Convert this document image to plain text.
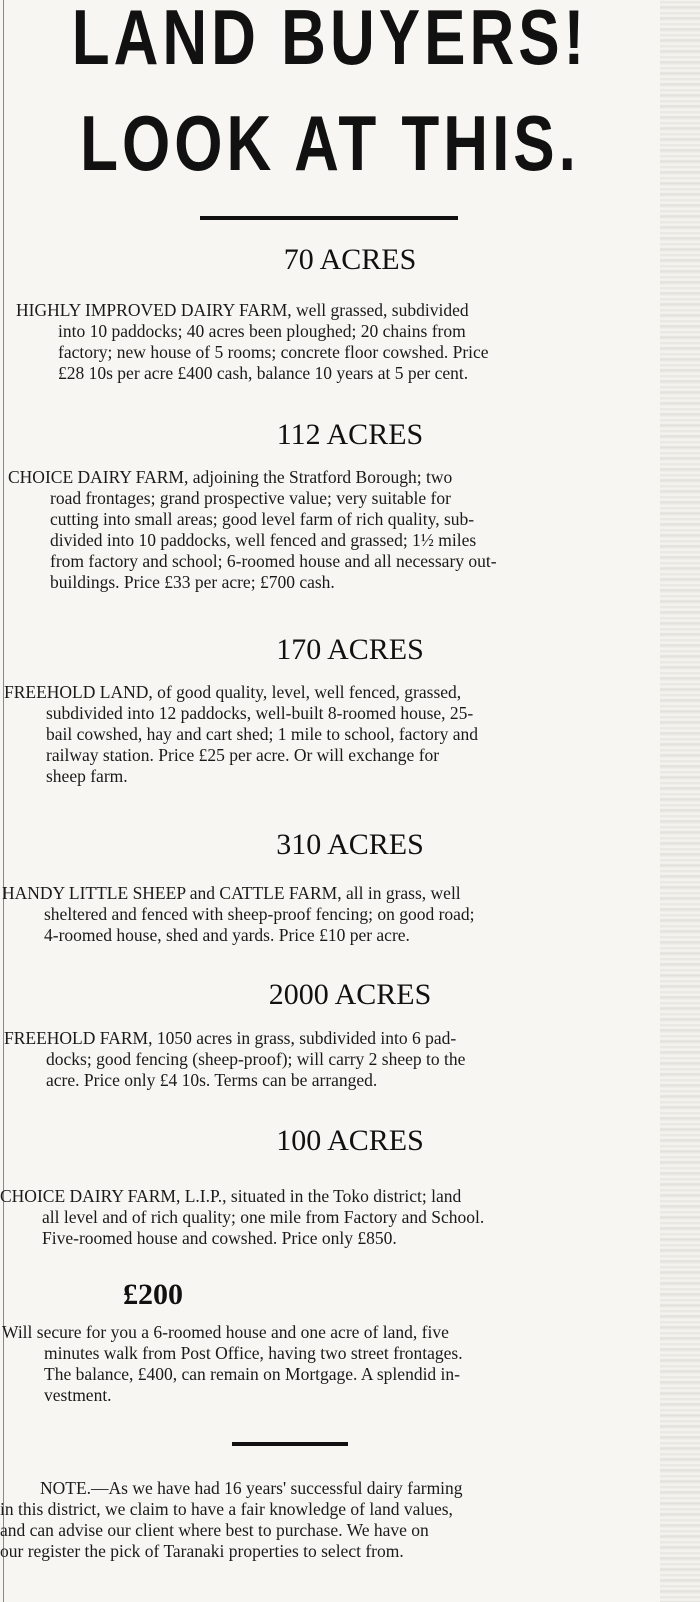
LAND BUYERS!
LOOK AT THIS.
70 ACRES
HIGHLY IMPROVED DAIRY FARM, well grassed, subdivided
into 10 paddocks; 40 acres been ploughed; 20 chains from
factory; new house of 5 rooms; concrete floor cowshed. Price
£28 10s per acre £400 cash, balance 10 years at 5 per cent.
112 ACRES
CHOICE DAIRY FARM, adjoining the Stratford Borough; two
road frontages; grand prospective value; very suitable for
cutting into small areas; good level farm of rich quality, sub-
divided into 10 paddocks, well fenced and grassed; 1½ miles
from factory and school; 6-roomed house and all necessary out-
buildings. Price £33 per acre; £700 cash.
170 ACRES
FREEHOLD LAND, of good quality, level, well fenced, grassed,
subdivided into 12 paddocks, well-built 8-roomed house, 25-
bail cowshed, hay and cart shed; 1 mile to school, factory and
railway station. Price £25 per acre. Or will exchange for
sheep farm.
310 ACRES
HANDY LITTLE SHEEP and CATTLE FARM, all in grass, well
sheltered and fenced with sheep-proof fencing; on good road;
4-roomed house, shed and yards. Price £10 per acre.
2000 ACRES
FREEHOLD FARM, 1050 acres in grass, subdivided into 6 pad-
docks; good fencing (sheep-proof); will carry 2 sheep to the
acre. Price only £4 10s. Terms can be arranged.
100 ACRES
CHOICE DAIRY FARM, L.I.P., situated in the Toko district; land
all level and of rich quality; one mile from Factory and School.
Five-roomed house and cowshed. Price only £850.
£200
Will secure for you a 6-roomed house and one acre of land, five
minutes walk from Post Office, having two street frontages.
The balance, £400, can remain on Mortgage. A splendid in-
vestment.
NOTE.—As we have had 16 years' successful dairy farming
in this district, we claim to have a fair knowledge of land values,
and can advise our client where best to purchase. We have on
our register the pick of Taranaki properties to select from.
